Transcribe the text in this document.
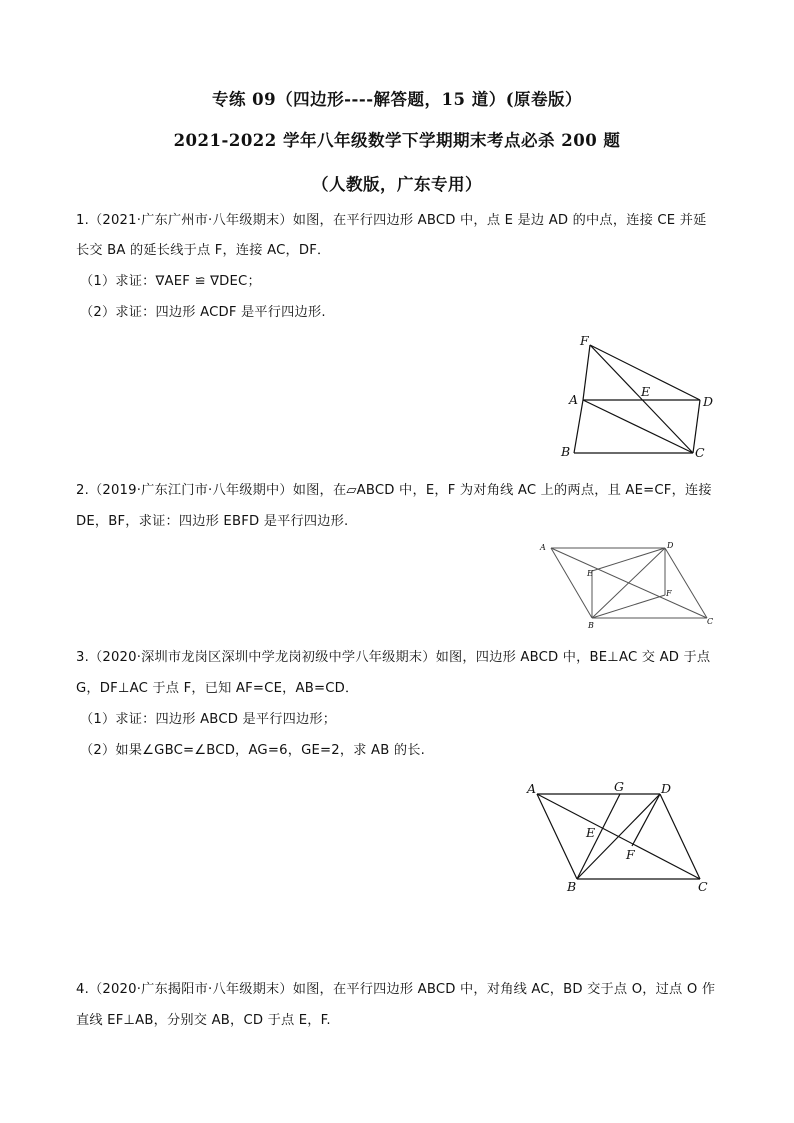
专练 09（四边形----解答题，15 道）(原卷版）
2021-2022 学年八年级数学下学期期末考点必杀 200 题
（人教版，广东专用）
1.（2021·广东广州市·八年级期末）如图，在平行四边形 ABCD 中，点 E 是边 AD 的中点，连接 CE 并延
长交 BA 的延长线于点 F，连接 AC，DF．
（1）求证：∇AEF ≌ ∇DEC；
（2）求证：四边形 ACDF 是平行四边形.
F
A
E
D
B	C
2.（2019·广东江门市·八年级期中）如图，在▱ABCD 中，E，F 为对角线 AC 上的两点，且 AE=CF，连接
DE，BF，求证：四边形 EBFD 是平行四边形.
A	D
E
F
B	C
3.（2020·深圳市龙岗区深圳中学龙岗初级中学八年级期末）如图，四边形 ABCD 中，BE⊥AC 交 AD 于点
G，DF⊥AC 于点 F，已知 AF=CE，AB=CD．
（1）求证：四边形 ABCD 是平行四边形；
（2）如果∠GBC=∠BCD，AG=6，GE=2，求 AB 的长.
A	G	D
E
F
B	C
4.（2020·广东揭阳市·八年级期末）如图，在平行四边形 ABCD 中，对角线 AC，BD 交于点 O，过点 O 作
直线 EF⊥AB，分别交 AB，CD 于点 E，F.
